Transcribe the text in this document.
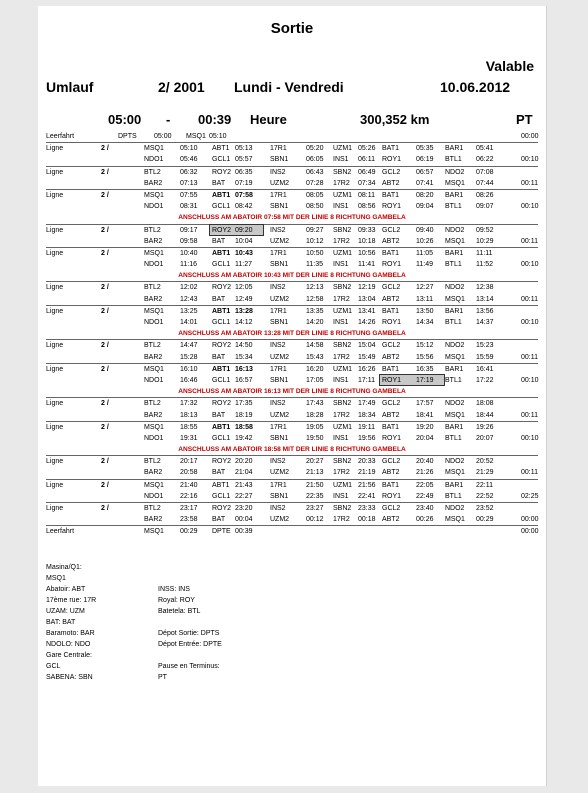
Sortie
Valable
Umlauf	2/ 2001 Lundi - Vendredi	10.06.2012
05:00 - 00:39 Heure	300,352 km	PT
Leerfahrt	DPTS 05:00 MSQ1 05:10	00:00
Ligne	2 /	MSQ1 05:10 ABT1 05:13 17R1	05:20 UZM1 05:26 BAT1 05:35 BAR1 05:41
NDO1 05:46 GCL1 05:57 SBN1	06:05 INS1 06:11 ROY1 06:19 BTL1 06:22	00:10
Ligne	2 /	BTL2	06:32 ROY2 06:35 INS2	06:43 SBN2 06:49 GCL2 06:57 NDO2 07:08
BAR2	07:13 BAT 07:19 UZM2 07:28 17R2 07:34 ABT2 07:41 MSQ1 07:44	00:11
Ligne	2 /	MSQ1 07:55 ABT1 07:58 17R1	08:05 UZM1 08:11 BAT1 08:20 BAR1 08:26
NDO1 08:31 GCL1 08:42 SBN1	08:50 INS1 08:56 ROY1 09:04 BTL1 09:07	00:10
ANSCHLUSS AM ABATOIR 07:58 MIT DER LINIE 8 RICHTUNG GAMBELA
Ligne	2 /	BTL2	09:17 ROY2 09:20 INS2	09:27 SBN2 09:33 GCL2 09:40 NDO2 09:52
BAR2	09:58 BAT 10:04 UZM2 10:12 17R2 10:18 ABT2 10:26 MSQ1 10:29	00:11
Ligne	2 /	MSQ1 10:40 ABT1 10:43 17R1	10:50 UZM1 10:56 BAT1 11:05 BAR1 11:11
NDO1 11:16 GCL1 11:27	SBN1	11:35 INS1 11:41 ROY1 11:49 BTL1 11:52	00:10
ANSCHLUSS AM ABATOIR 10:43 MIT DER LINIE 8 RICHTUNG GAMBELA
Ligne	2 /	BTL2	12:02 ROY2 12:05 INS2	12:13 SBN2 12:19 GCL2 12:27 NDO2 12:38
BAR2	12:43 BAT 12:49 UZM2 12:58 17R2 13:04 ABT2 13:11 MSQ1 13:14	00:11
Ligne	2 /	MSQ1 13:25 ABT1 13:28 17R1	13:35 UZM1 13:41 BAT1 13:50 BAR1 13:56
NDO1 14:01 GCL1 14:12 SBN1	14:20 INS1 14:26 ROY1 14:34 BTL1 14:37	00:10
ANSCHLUSS AM ABATOIR 13:28 MIT DER LINIE 8 RICHTUNG GAMBELA
Ligne	2 /	BTL2	14:47 ROY2 14:50 INS2	14:58 SBN2 15:04 GCL2 15:12 NDO2 15:23
BAR2	15:28 BAT 15:34 UZM2 15:43 17R2 15:49 ABT2 15:56 MSQ1 15:59	00:11
Ligne	2 /	MSQ1 16:10 ABT1 16:13 17R1	16:20 UZM1 16:26 BAT1 16:35 BAR1 16:41
NDO1 16:46 GCL1 16:57 SBN1	17:05 INS1 17:11 ROY1 17:19 BTL1 17:22	00:10
ANSCHLUSS AM ABATOIR 16:13 MIT DER LINIE 8 RICHTUNG GAMBELA
Ligne	2 /	BTL2	17:32 ROY2 17:35 INS2	17:43 SBN2 17:49 GCL2 17:57 NDO2 18:08
BAR2	18:13 BAT 18:19 UZM2 18:28 17R2 18:34 ABT2 18:41 MSQ1 18:44	00:11
Ligne	2 /	MSQ1 18:55 ABT1 18:58 17R1	19:05 UZM1 19:11 BAT1 19:20 BAR1 19:26
NDO1 19:31 GCL1 19:42 SBN1	19:50 INS1 19:56 ROY1 20:04 BTL1 20:07	00:10
ANSCHLUSS AM ABATOIR 18:58 MIT DER LINIE 8 RICHTUNG GAMBELA
Ligne	2 /	BTL2	20:17 ROY2 20:20 INS2	20:27 SBN2 20:33 GCL2 20:40 NDO2 20:52
BAR2	20:58 BAT 21:04 UZM2 21:13 17R2 21:19 ABT2 21:26 MSQ1 21:29	00:11
Ligne	2 /	MSQ1 21:40 ABT1 21:43 17R1	21:50 UZM1 21:56 BAT1 22:05 BAR1 22:11
NDO1 22:16 GCL1 22:27 SBN1	22:35 INS1 22:41 ROY1 22:49 BTL1 22:52	02:25
Ligne	2 /	BTL2	23:17 ROY2 23:20 INS2	23:27 SBN2 23:33 GCL2 23:40 NDO2 23:52
BAR2	23:58 BAT 00:04 UZM2 00:12 17R2 00:18 ABT2 00:26 MSQ1 00:29	00:00
Leerfahrt	MSQ1 00:29 DPTE 00:39	00:00
Masina/Q1:
MSQ1
Abatoir: ABT
17ème rue: 17R
UZAM: UZM
BAT: BAT
Baramoto: BAR
NDOLO: NDO
Gare Centrale:
GCL
SABENA: SBN
INSS: INS
Royal: ROY
Batetela: BTL
Dépot Sortie: DPTS
Dépot Entrée: DPTE
Pause en Terminus:
PT
